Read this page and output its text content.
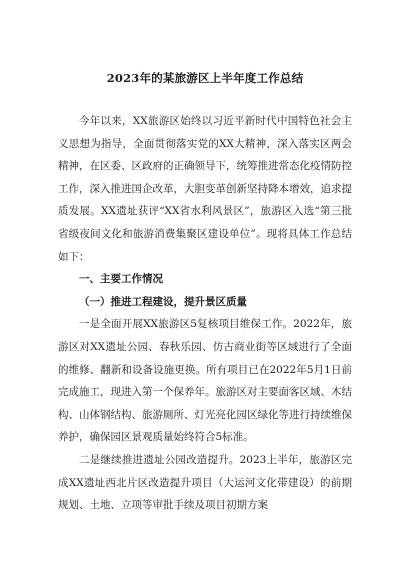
2023年的某旅游区上半年度工作总结

今年以来，XX旅游区始终以习近平新时代中国特色社会主义思想为指导，全面贯彻落实党的XX大精神，深入落实区两会精神，在区委、区政府的正确领导下，统筹推进常态化疫情防控工作，深入推进国企改革，大胆变革创新坚持降本增效，追求提质发展。XX遗址获评“XX省水利风景区”，旅游区入选“第三批省级夜间文化和旅游消费集聚区建设单位”。现将具体工作总结如下：

一、主要工作情况

（一）推进工程建设，提升景区质量

一是全面开展XX旅游区5复核项目维保工作。2022年，旅游区对XX遗址公园、春秋乐园、仿古商业街等区域进行了全面的维修、翻新和设备设施更换。所有项目已在2022年5月1日前完成施工，现进入第一个保养年。旅游区对主要面客区域、木结构、山体钢结构、旅游厕所、灯光亮化园区绿化等进行持续维保养护，确保园区景观质量始终符合5标准。

二是继续推进遗址公园改造提升。2023上半年，旅游区完成XX遗址西北片区改造提升项目（大运河文化带建设）的前期规划、土地、立项等审批手续及项目初期方案
